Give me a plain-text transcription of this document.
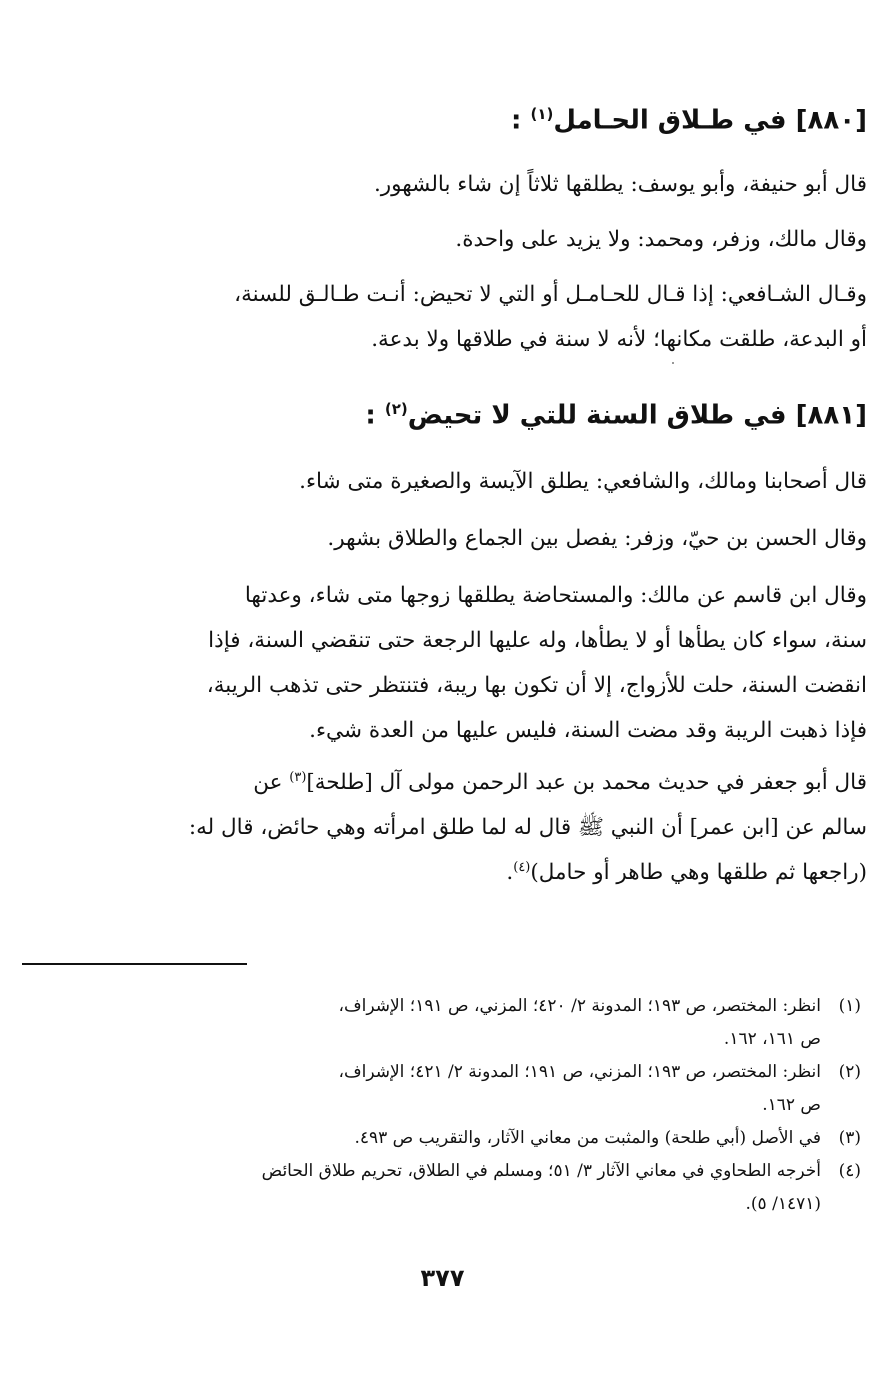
[٨٨٠] في طـلاق الحـامل$^{(١)}$ :

قال أبو حنيفة، وأبو يوسف: يطلقها ثلاثاً إن شاء بالشهور.

وقال مالك، وزفر، ومحمد: ولا يزيد على واحدة.

وقـال الشـافعي: إذا قـال للحـامـل أو التي لا تحيض: أنـت طـالـق للسنة،
أو البدعة، طلقت مكانها؛ لأنه لا سنة في طلاقها ولا بدعة.

[٨٨١] في طلاق السنة للتي لا تحيض$^{(٢)}$ :

قال أصحابنا ومالك، والشافعي: يطلق الآيسة والصغيرة متى شاء.

وقال الحسن بن حيّ، وزفر: يفصل بين الجماع والطلاق بشهر.

وقال ابن قاسم عن مالك: والمستحاضة يطلقها زوجها متى شاء، وعدتها
سنة، سواء كان يطأها أو لا يطأها، وله عليها الرجعة حتى تنقضي السنة، فإذا
انقضت السنة، حلت للأزواج، إلا أن تكون بها ريبة، فتنتظر حتى تذهب الريبة،
فإذا ذهبت الريبة وقد مضت السنة، فليس عليها من العدة شيء.

قال أبو جعفر في حديث محمد بن عبد الرحمن مولى آل [طلحة]$^{(٣)}$ عن
سالم عن [ابن عمر] أن النبي ﷺ قال له لما طلق امرأته وهي حائض، قال له:
(راجعها ثم طلقها وهي طاهر أو حامل)$^{(٤)}$.

(١)
انظر: المختصر، ص ١٩٣؛ المدونة ٢/ ٤٢٠؛ المزني، ص ١٩١؛ الإشراف،
ص ١٦١، ١٦٢.
(٢)
انظر: المختصر، ص ١٩٣؛ المزني، ص ١٩١؛ المدونة ٢/ ٤٢١؛ الإشراف،
ص ١٦٢.
(٣)
في الأصل (أبي طلحة) والمثبت من معاني الآثار، والتقريب ص ٤٩٣.
(٤)
أخرجه الطحاوي في معاني الآثار ٣/ ٥١؛ ومسلم في الطلاق، تحريم طلاق الحائض
(١٤٧١/ ٥).
٣٧٧
